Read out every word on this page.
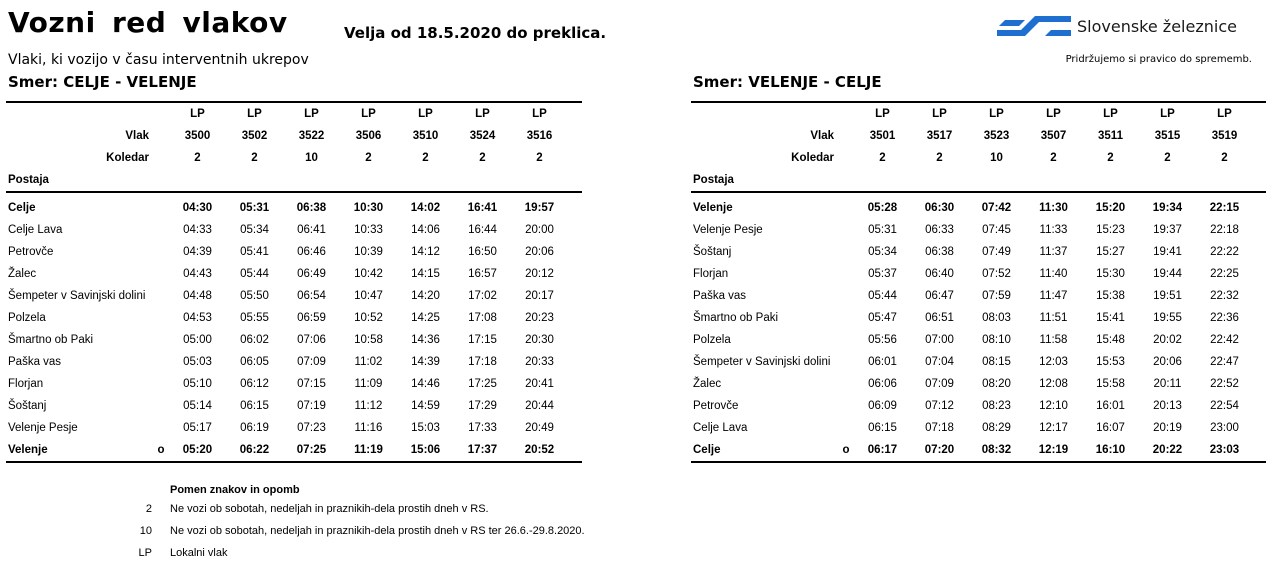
Vozni red vlakov	Velja od 18.5.2020 do preklica.
Vlaki, ki vozijo v času interventnih ukrepov
Slovenske železnice
Pridržujemo si pravico do sprememb.
Smer: CELJE - VELENJE	Smer: VELENJE - CELJE
LP	LP	LP	LP	LP	LP	LP
Vlak	3500	3502	3522	3506	3510	3524	3516
Koledar	2	2	10	2	2	2	2
Postaja
Celje	04:30	05:31	06:38	10:30	14:02	16:41	19:57
Celje Lava	04:33	05:34	06:41	10:33	14:06	16:44	20:00
Petrovče	04:39	05:41	06:46	10:39	14:12	16:50	20:06
Žalec	04:43	05:44	06:49	10:42	14:15	16:57	20:12
Šempeter v Savinjski dolini	04:48	05:50	06:54	10:47	14:20	17:02	20:17
Polzela	04:53	05:55	06:59	10:52	14:25	17:08	20:23
Šmartno ob Paki	05:00	06:02	07:06	10:58	14:36	17:15	20:30
Paška vas	05:03	06:05	07:09	11:02	14:39	17:18	20:33
Florjan	05:10	06:12	07:15	11:09	14:46	17:25	20:41
Šoštanj	05:14	06:15	07:19	11:12	14:59	17:29	20:44
Velenje Pesje	05:17	06:19	07:23	11:16	15:03	17:33	20:49
Velenje	o	05:20	06:22	07:25	11:19	15:06	17:37	20:52
LP	LP	LP	LP	LP	LP	LP
Vlak	3501	3517	3523	3507	3511	3515	3519
Koledar	2	2	10	2	2	2	2
Postaja
Velenje	05:28	06:30	07:42	11:30	15:20	19:34	22:15
Velenje Pesje	05:31	06:33	07:45	11:33	15:23	19:37	22:18
Šoštanj	05:34	06:38	07:49	11:37	15:27	19:41	22:22
Florjan	05:37	06:40	07:52	11:40	15:30	19:44	22:25
Paška vas	05:44	06:47	07:59	11:47	15:38	19:51	22:32
Šmartno ob Paki	05:47	06:51	08:03	11:51	15:41	19:55	22:36
Polzela	05:56	07:00	08:10	11:58	15:48	20:02	22:42
Šempeter v Savinjski dolini	06:01	07:04	08:15	12:03	15:53	20:06	22:47
Žalec	06:06	07:09	08:20	12:08	15:58	20:11	22:52
Petrovče	06:09	07:12	08:23	12:10	16:01	20:13	22:54
Celje Lava	06:15	07:18	08:29	12:17	16:07	20:19	23:00
Celje	o	06:17	07:20	08:32	12:19	16:10	20:22	23:03
Pomen znakov in opomb
2 Ne vozi ob sobotah, nedeljah in praznikih-dela prostih dneh v RS.
10 Ne vozi ob sobotah, nedeljah in praznikih-dela prostih dneh v RS ter 26.6.-29.8.2020.
LP Lokalni vlak
